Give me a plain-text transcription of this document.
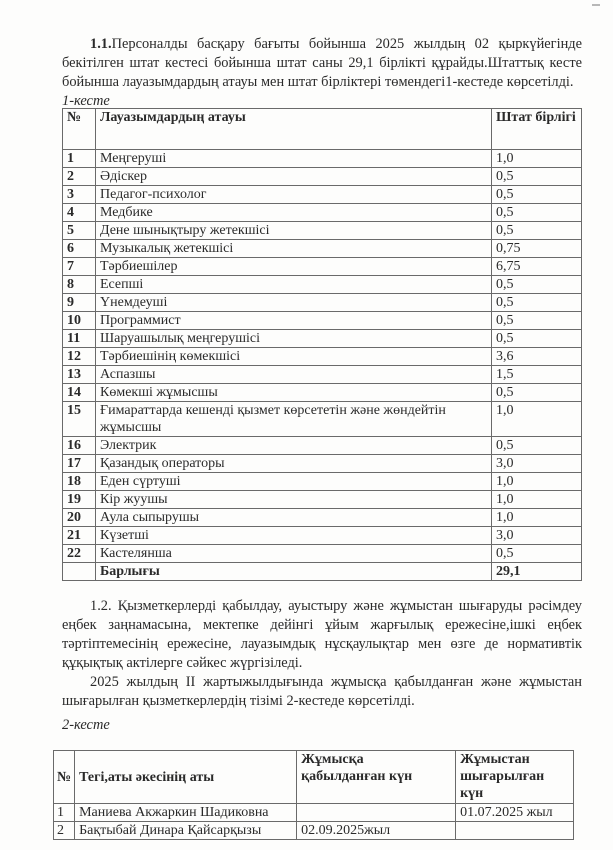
1.1.Персоналды басқару бағыты бойынша 2025 жылдың 02 қыркүйегінде бекітілген штат кестесі бойынша штат саны 29,1 бірлікті құрайды.Штаттық кесте бойынша лауазымдардың атауы мен штат бірліктері төмендегі1-кестеде көрсетілді.

1-кесте
№	Лауазымдардың атауы	Штат бірлігі
1	Меңгеруші	1,0
2	Әдіскер	0,5
3	Педагог-психолог	0,5
4	Медбике	0,5
5	Дене шынықтыру жетекшісі	0,5
6	Музыкалық жетекшісі	0,75
7	Тәрбиешілер	6,75
8	Есепші	0,5
9	Үнемдеуші	0,5
10	Программист	0,5
11	Шаруашылық меңгерушісі	0,5
12	Тәрбиешінің көмекшісі	3,6
13	Аспазшы	1,5
14	Көмекші жұмысшы	0,5
15	Ғимараттарда кешенді қызмет көрсететін және жөндейтін жұмысшы	1,0
16	Электрик	0,5
17	Қазандық операторы	3,0
18	Еден сүртуші	1,0
19	Кір жуушы	1,0
20	Аула сыпырушы	1,0
21	Күзетші	3,0
22	Кастелянша	0,5
	Барлығы	29,1

1.2. Қызметкерлерді қабылдау, ауыстыру және жұмыстан шығаруды рәсімдеу еңбек заңнамасына, мектепке дейінгі ұйым жарғылық ережесіне,ішкі еңбек тәртіптемесінің ережесіне, лауазымдық нұсқаулықтар мен өзге де нормативтік құқықтық актілерге сәйкес жүргізіледі.

2025 жылдың ІІ жартыжылдығында жұмысқа қабылданған және жұмыстан шығарылған қызметкерлердің тізімі 2-кестеде көрсетілді.

2-кесте
№	Тегі,аты әкесінің аты	Жұмысқа қабылданған күн	Жұмыстан шығарылған күн
1	Маниева Акжаркин Шадиковна		01.07.2025 жыл
2	Бақтыбай Динара Қайсарқызы	02.09.2025жыл	
